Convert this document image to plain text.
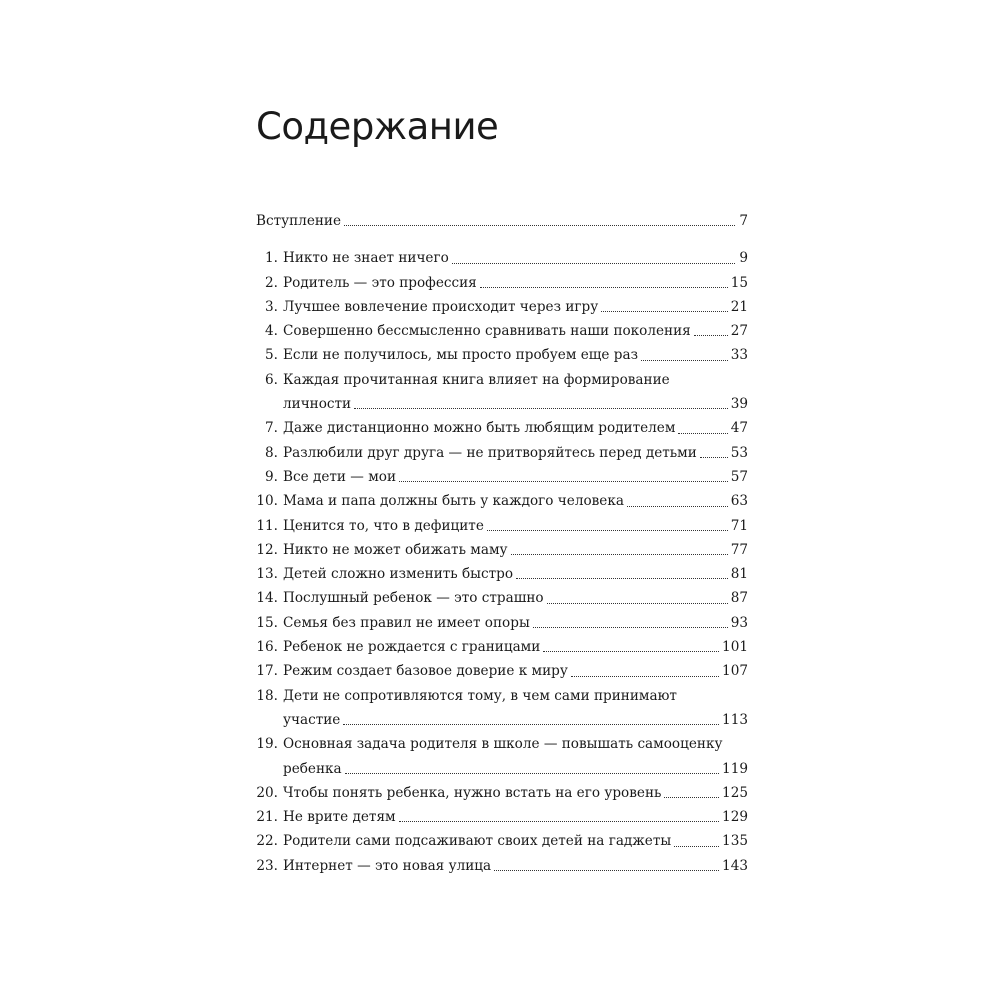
Содержание
Вступление	7
1. Никто не знает ничего	9
2. Родитель — это профессия	15
3. Лучшее вовлечение происходит через игру	21
4. Совершенно бессмысленно сравнивать наши поколения	27
5. Если не получилось, мы просто пробуем еще раз	33
6. Каждая прочитанная книга влияет на формирование
личности	39
7. Даже дистанционно можно быть любящим родителем	47
8. Разлюбили друг друга — не притворяйтесь перед детьми 53
9. Все дети — мои	57
10. Мама и папа должны быть у каждого человека	63
11. Ценится то, что в дефиците	71
12. Никто не может обижать маму	77
13. Детей сложно изменить быстро	81
14. Послушный ребенок — это страшно	87
15. Семья без правил не имеет опоры	93
16. Ребенок не рождается с границами	101
17. Режим создает базовое доверие к миру	107
18. Дети не сопротивляются тому, в чем сами принимают
участие	113
19. Основная задача родителя в школе — повышать самооценку
ребенка	119
20. Чтобы понять ребенка, нужно встать на его уровень	125
21. Не врите детям	129
22. Родители сами подсаживают своих детей на гаджеты	135
23. Интернет — это новая улица	143
